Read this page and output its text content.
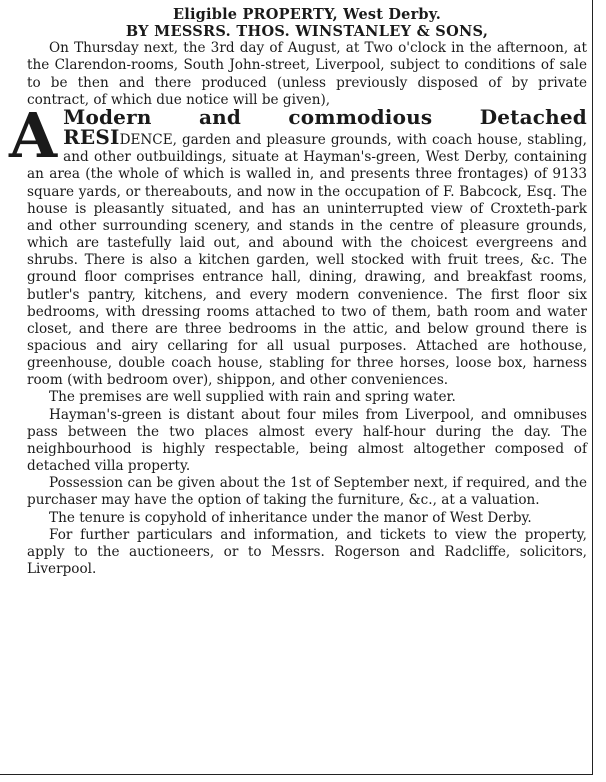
Eligible PROPERTY, West Derby.

BY MESSRS. THOS. WINSTANLEY & SONS,

On Thursday next, the 3rd day of August, at Two o'clock in the afternoon, at the Clarendon-rooms, South John-street, Liverpool, subject to conditions of sale to be then and there produced (unless previously disposed of by private contract, of which due notice will be given),

A Modern and commodious Detached RESIDENCE, garden and pleasure grounds, with coach house, stabling, and other outbuildings, situate at Hayman's-green, West Derby, containing an area (the whole of which is walled in, and presents three frontages) of 9133 square yards, or thereabouts, and now in the occupation of F. Babcock, Esq. The house is pleasantly situated, and has an uninterrupted view of Croxteth-park and other surrounding scenery, and stands in the centre of pleasure grounds, which are tastefully laid out, and abound with the choicest evergreens and shrubs. There is also a kitchen garden, well stocked with fruit trees, &c. The ground floor comprises entrance hall, dining, drawing, and breakfast rooms, butler's pantry, kitchens, and every modern convenience. The first floor six bedrooms, with dressing rooms attached to two of them, bath room and water closet, and there are three bedrooms in the attic, and below ground there is spacious and airy cellaring for all usual purposes. Attached are hothouse, greenhouse, double coach house, stabling for three horses, loose box, harness room (with bedroom over), shippon, and other conveniences.

The premises are well supplied with rain and spring water.

Hayman's-green is distant about four miles from Liverpool, and omnibuses pass between the two places almost every half-hour during the day. The neighbourhood is highly respectable, being almost altogether composed of detached villa property.

Possession can be given about the 1st of September next, if required, and the purchaser may have the option of taking the furniture, &c., at a valuation.

The tenure is copyhold of inheritance under the manor of West Derby.

For further particulars and information, and tickets to view the property, apply to the auctioneers, or to Messrs. Rogerson and Radcliffe, solicitors, Liverpool.
